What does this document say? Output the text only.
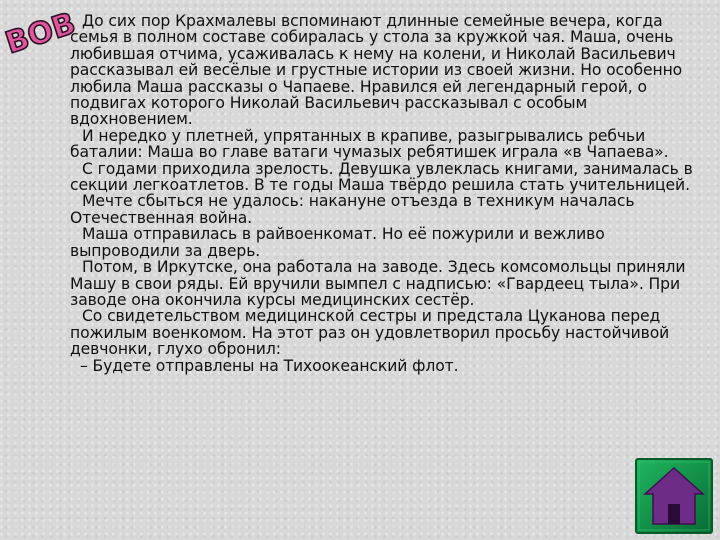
ВОВ До сих пор Крахмалевы вспоминают длинные семейные вечера, когда семья в полном составе собиралась у стола за кружкой чая. Маша, очень любившая отчима, усаживалась к нему на колени, и Николай Васильевич рассказывал ей весёлые и грустные истории из своей жизни. Но особенно любила Маша рассказы о Чапаеве. Нравился ей легендарный герой, о подвигах которого Николай Васильевич рассказывал с особым вдохновением.

И нередко у плетней, упрятанных в крапиве, разыгрывались ребчьи баталии: Маша во главе ватаги чумазых ребятишек играла «в Чапаева».

С годами приходила зрелость. Девушка увлеклась книгами, занималась в секции легкоатлетов. В те годы Маша твёрдо решила стать учительницей.

Мечте сбыться не удалось: накануне отъезда в техникум началась Отечественная война.

Маша отправилась в райвоенкомат. Но её пожурили и вежливо выпроводили за дверь.

Потом, в Иркутске, она работала на заводе. Здесь комсомольцы приняли Машу в свои ряды. Ей вручили вымпел с надписью: «Гвардеец тыла». При заводе она окончила курсы медицинских сестёр.

Со свидетельством медицинской сестры и предстала Цуканова перед пожилым военкомом. На этот раз он удовлетворил просьбу настойчивой девчонки, глухо обронил:

– Будете отправлены на Тихоокеанский флот.
